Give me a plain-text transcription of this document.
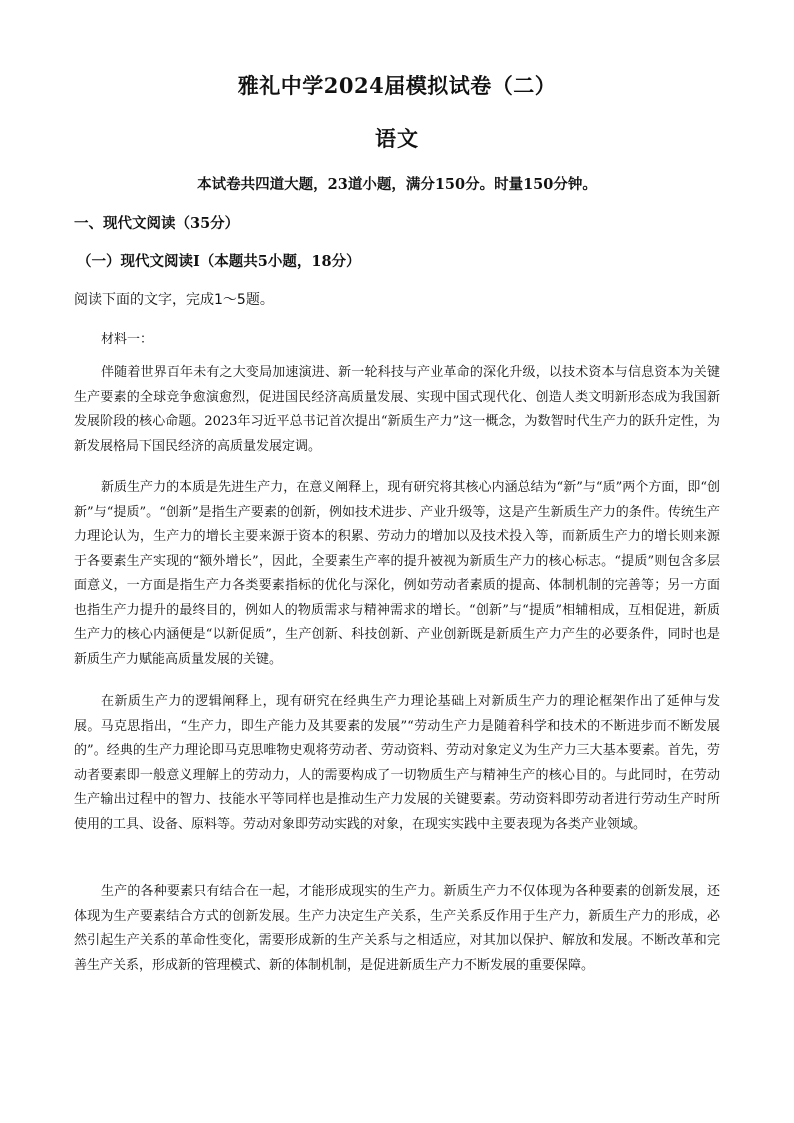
雅礼中学2024届模拟试卷（二）
语文
本试卷共四道大题，23道小题，满分150分。时量150分钟。
一、现代文阅读（35分）
（一）现代文阅读Ⅰ（本题共5小题，18分）
阅读下面的文字，完成1～5题。
材料一：

伴随着世界百年未有之大变局加速演进、新一轮科技与产业革命的深化升级，以技术资本与信息资本为关键生产要素的全球竞争愈演愈烈，促进国民经济高质量发展、实现中国式现代化、创造人类文明新形态成为我国新发展阶段的核心命题。2023年习近平总书记首次提出“新质生产力”这一概念，为数智时代生产力的跃升定性，为新发展格局下国民经济的高质量发展定调。

新质生产力的本质是先进生产力，在意义阐释上，现有研究将其核心内涵总结为“新”与“质”两个方面，即“创新”与“提质”。“创新”是指生产要素的创新，例如技术进步、产业升级等，这是产生新质生产力的条件。传统生产力理论认为，生产力的增长主要来源于资本的积累、劳动力的增加以及技术投入等，而新质生产力的增长则来源于各要素生产实现的“额外增长”，因此，全要素生产率的提升被视为新质生产力的核心标志。“提质”则包含多层面意义，一方面是指生产力各类要素指标的优化与深化，例如劳动者素质的提高、体制机制的完善等；另一方面也指生产力提升的最终目的，例如人的物质需求与精神需求的增长。“创新”与“提质”相辅相成，互相促进，新质生产力的核心内涵便是“以新促质”，生产创新、科技创新、产业创新既是新质生产力产生的必要条件，同时也是新质生产力赋能高质量发展的关键。

在新质生产力的逻辑阐释上，现有研究在经典生产力理论基础上对新质生产力的理论框架作出了延伸与发展。马克思指出，“生产力，即生产能力及其要素的发展”“劳动生产力是随着科学和技术的不断进步而不断发展的”。经典的生产力理论即马克思唯物史观将劳动者、劳动资料、劳动对象定义为生产力三大基本要素。首先，劳动者要素即一般意义理解上的劳动力，人的需要构成了一切物质生产与精神生产的核心目的。与此同时，在劳动生产输出过程中的智力、技能水平等同样也是推动生产力发展的关键要素。劳动资料即劳动者进行劳动生产时所使用的工具、设备、原料等。劳动对象即劳动实践的对象，在现实实践中主要表现为各类产业领域。

生产的各种要素只有结合在一起，才能形成现实的生产力。新质生产力不仅体现为各种要素的创新发展，还体现为生产要素结合方式的创新发展。生产力决定生产关系，生产关系反作用于生产力，新质生产力的形成，必然引起生产关系的革命性变化，需要形成新的生产关系与之相适应，对其加以保护、解放和发展。不断改革和完善生产关系，形成新的管理模式、新的体制机制，是促进新质生产力不断发展的重要保障。
